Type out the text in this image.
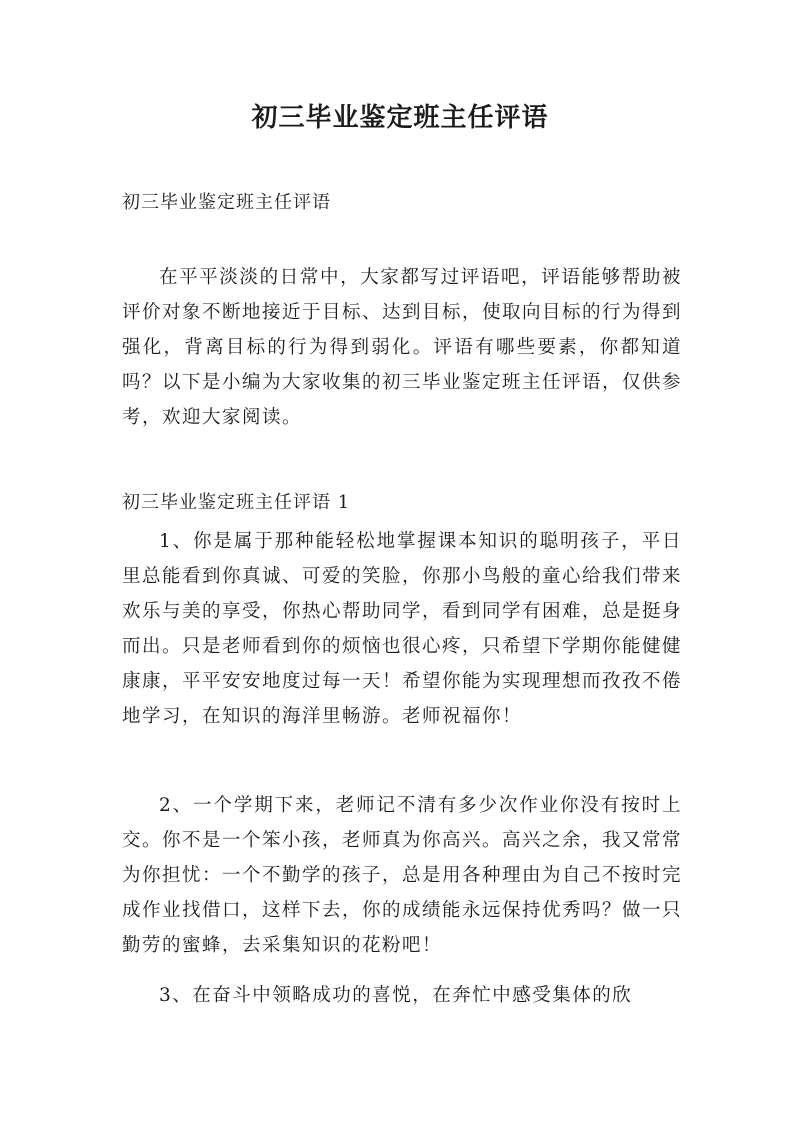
初三毕业鉴定班主任评语
初三毕业鉴定班主任评语

在平平淡淡的日常中，大家都写过评语吧，评语能够帮助被评价对象不断地接近于目标、达到目标，使取向目标的行为得到强化，背离目标的行为得到弱化。评语有哪些要素，你都知道吗？以下是小编为大家收集的初三毕业鉴定班主任评语，仅供参考，欢迎大家阅读。

初三毕业鉴定班主任评语 1

1、你是属于那种能轻松地掌握课本知识的聪明孩子，平日里总能看到你真诚、可爱的笑脸，你那小鸟般的童心给我们带来欢乐与美的享受，你热心帮助同学，看到同学有困难，总是挺身而出。只是老师看到你的烦恼也很心疼，只希望下学期你能健健康康，平平安安地度过每一天！希望你能为实现理想而孜孜不倦地学习，在知识的海洋里畅游。老师祝福你！

2、一个学期下来，老师记不清有多少次作业你没有按时上交。你不是一个笨小孩，老师真为你高兴。高兴之余，我又常常为你担忧：一个不勤学的孩子，总是用各种理由为自己不按时完成作业找借口，这样下去，你的成绩能永远保持优秀吗？做一只勤劳的蜜蜂，去采集知识的花粉吧！

3、在奋斗中领略成功的喜悦，在奔忙中感受集体的欣
